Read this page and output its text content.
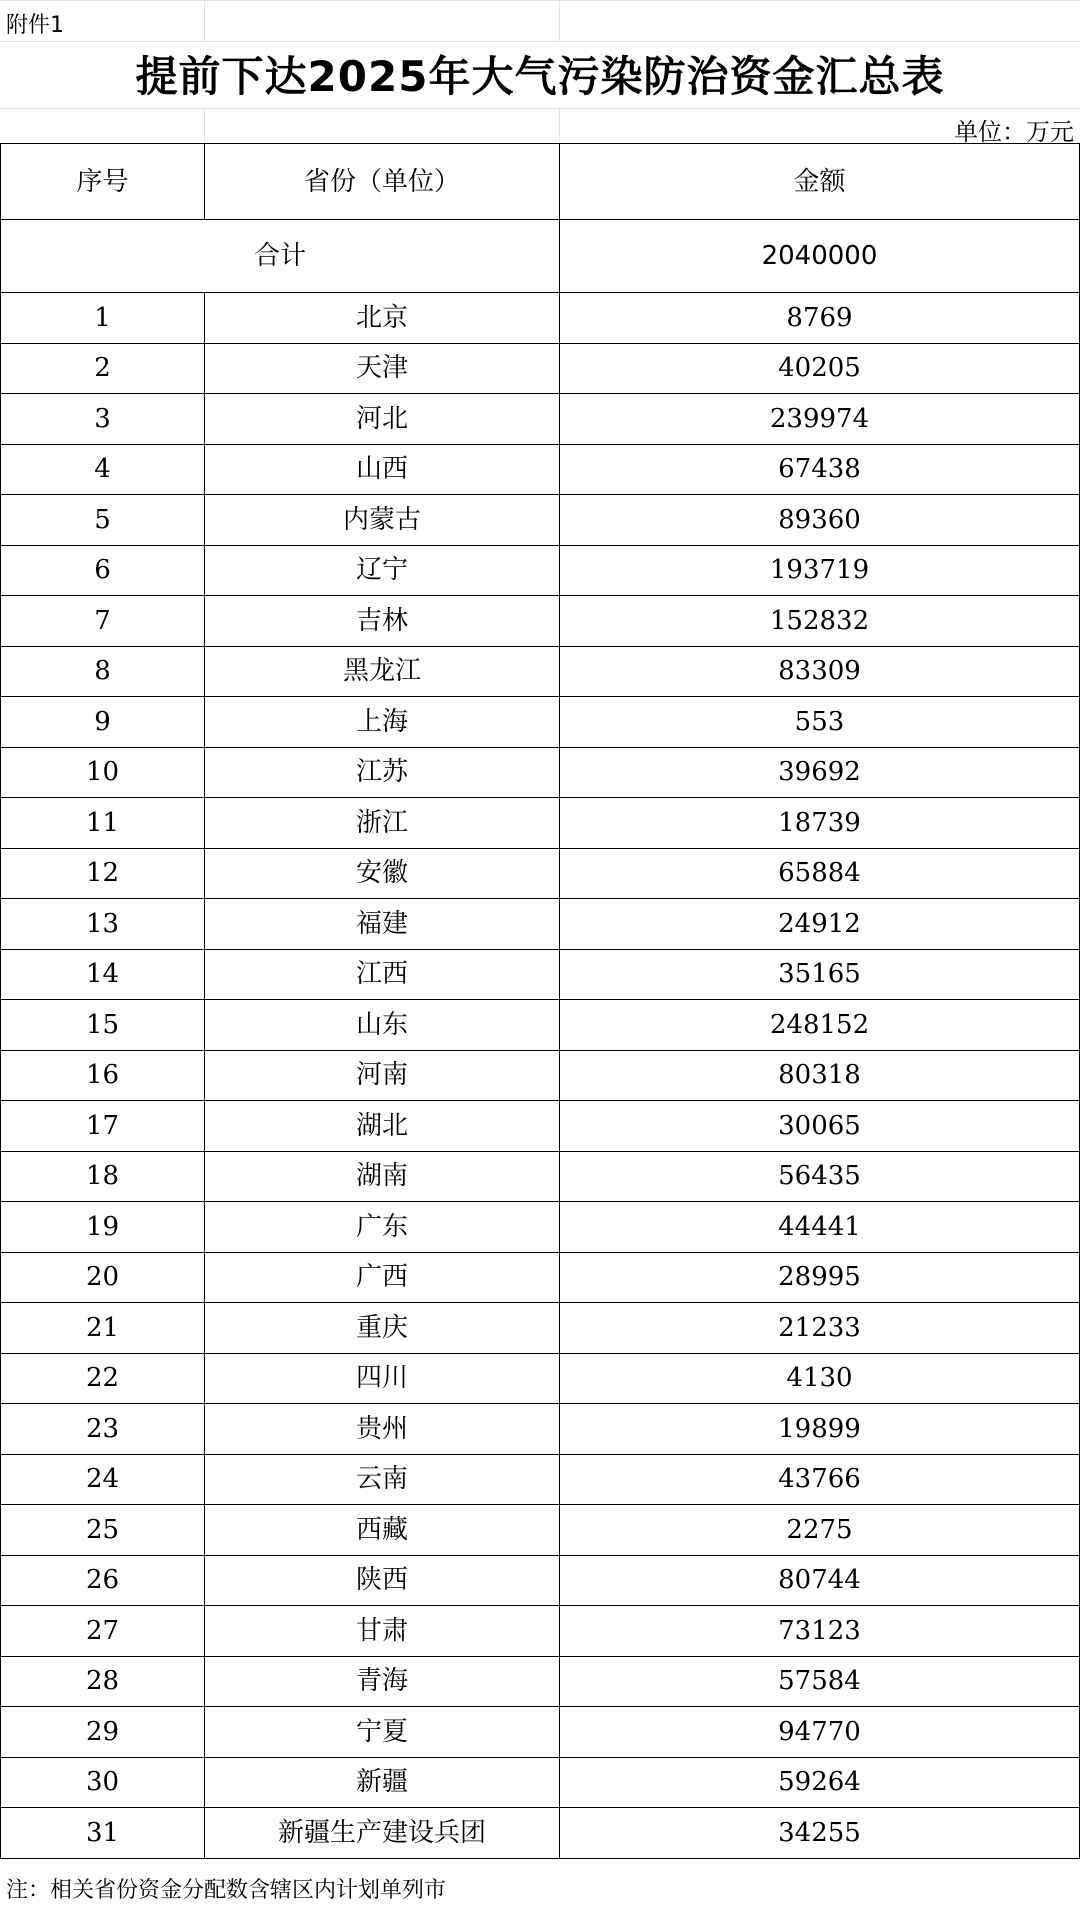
附件1
提前下达2025年大气污染防治资金汇总表
单位：万元
序号	省份（单位）	金额
合计		2040000
1	北京	8769
2	天津	40205
3	河北	239974
4	山西	67438
5	内蒙古	89360
6	辽宁	193719
7	吉林	152832
8	黑龙江	83309
9	上海	553
10	江苏	39692
11	浙江	18739
12	安徽	65884
13	福建	24912
14	江西	35165
15	山东	248152
16	河南	80318
17	湖北	30065
18	湖南	56435
19	广东	44441
20	广西	28995
21	重庆	21233
22	四川	4130
23	贵州	19899
24	云南	43766
25	西藏	2275
26	陕西	80744
27	甘肃	73123
28	青海	57584
29	宁夏	94770
30	新疆	59264
31	新疆生产建设兵团	34255
注：相关省份资金分配数含辖区内计划单列市
